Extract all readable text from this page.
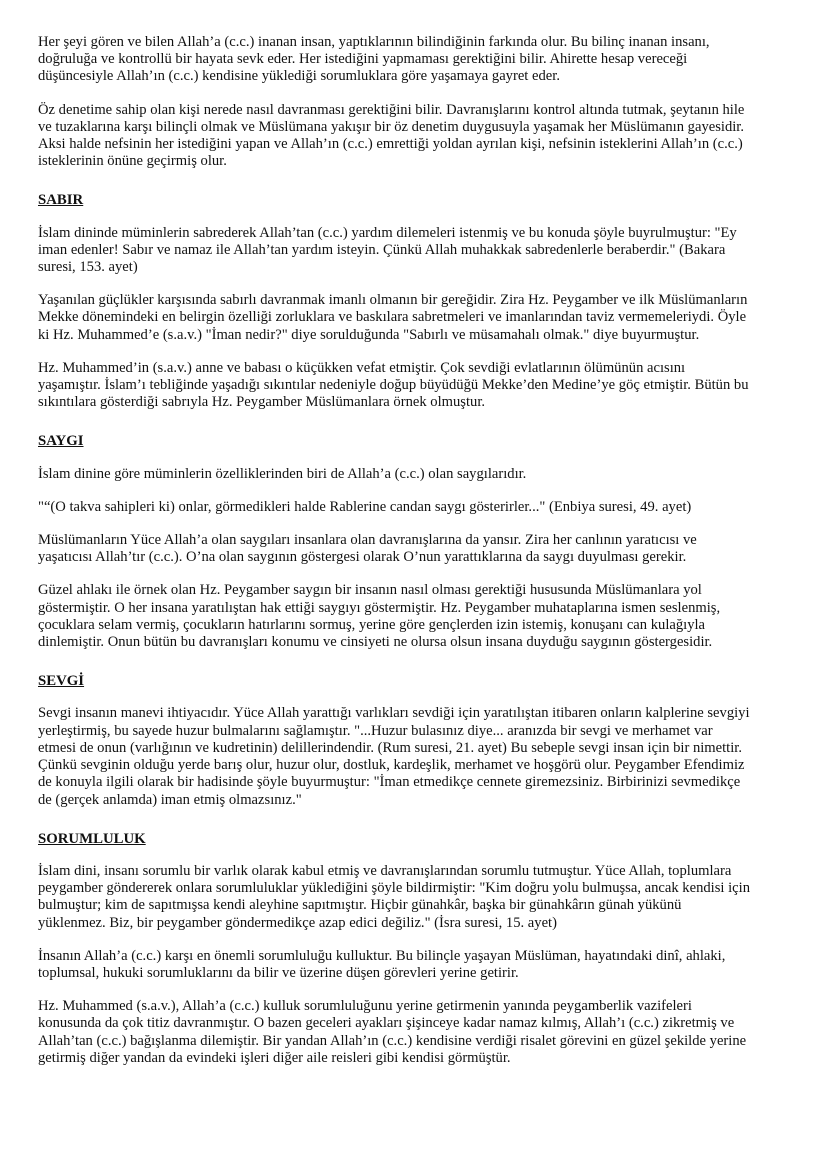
Her şeyi gören ve bilen Allah’a (c.c.) inanan insan, yaptıklarının bilindiğinin farkında olur. Bu bilinç inanan insanı,
doğruluğa ve kontrollü bir hayata sevk eder. Her istediğini yapmaması gerektiğini bilir. Ahirette hesap vereceği
düşüncesiyle Allah’ın (c.c.) kendisine yüklediği sorumluklara göre yaşamaya gayret eder.
Öz denetime sahip olan kişi nerede nasıl davranması gerektiğini bilir. Davranışlarını kontrol altında tutmak, şeytanın hile
ve tuzaklarına karşı bilinçli olmak ve Müslümana yakışır bir öz denetim duygusuyla yaşamak her Müslümanın gayesidir.
Aksi halde nefsinin her istediğini yapan ve Allah’ın (c.c.) emrettiği yoldan ayrılan kişi, nefsinin isteklerini Allah’ın (c.c.)
isteklerinin önüne geçirmiş olur.
SABIR
İslam dininde müminlerin sabrederek Allah’tan (c.c.) yardım dilemeleri istenmiş ve bu konuda şöyle buyrulmuştur: "Ey
iman edenler! Sabır ve namaz ile Allah’tan yardım isteyin. Çünkü Allah muhakkak sabredenlerle beraberdir." (Bakara
suresi, 153. ayet)
Yaşanılan güçlükler karşısında sabırlı davranmak imanlı olmanın bir gereğidir. Zira Hz. Peygamber ve ilk Müslümanların
Mekke dönemindeki en belirgin özelliği zorluklara ve baskılara sabretmeleri ve imanlarından taviz vermemeleriydi. Öyle
ki Hz. Muhammed’e (s.a.v.) "İman nedir?" diye sorulduğunda "Sabırlı ve müsamahalı olmak." diye buyurmuştur.
Hz. Muhammed’in (s.a.v.) anne ve babası o küçükken vefat etmiştir. Çok sevdiği evlatlarının ölümünün acısını
yaşamıştır. İslam’ı tebliğinde yaşadığı sıkıntılar nedeniyle doğup büyüdüğü Mekke’den Medine’ye göç etmiştir. Bütün bu
sıkıntılara gösterdiği sabrıyla Hz. Peygamber Müslümanlara örnek olmuştur.
SAYGI
İslam dinine göre müminlerin özelliklerinden biri de Allah’a (c.c.) olan saygılarıdır.
"“(O takva sahipleri ki) onlar, görmedikleri halde Rablerine candan saygı gösterirler..." (Enbiya suresi, 49. ayet)
Müslümanların Yüce Allah’a olan saygıları insanlara olan davranışlarına da yansır. Zira her canlının yaratıcısı ve
yaşatıcısı Allah’tır (c.c.). O’na olan saygının göstergesi olarak O’nun yarattıklarına da saygı duyulması gerekir.
Güzel ahlakı ile örnek olan Hz. Peygamber saygın bir insanın nasıl olması gerektiği hususunda Müslümanlara yol
göstermiştir. O her insana yaratılıştan hak ettiği saygıyı göstermiştir. Hz. Peygamber muhataplarına ismen seslenmiş,
çocuklara selam vermiş, çocukların hatırlarını sormuş, yerine göre gençlerden izin istemiş, konuşanı can kulağıyla
dinlemiştir. Onun bütün bu davranışları konumu ve cinsiyeti ne olursa olsun insana duyduğu saygının göstergesidir.
SEVGİ
Sevgi insanın manevi ihtiyacıdır. Yüce Allah yarattığı varlıkları sevdiği için yaratılıştan itibaren onların kalplerine sevgiyi
yerleştirmiş, bu sayede huzur bulmalarını sağlamıştır. "...Huzur bulasınız diye... aranızda bir sevgi ve merhamet var
etmesi de onun (varlığının ve kudretinin) delillerindendir. (Rum suresi, 21. ayet) Bu sebeple sevgi insan için bir nimettir.
Çünkü sevginin olduğu yerde barış olur, huzur olur, dostluk, kardeşlik, merhamet ve hoşgörü olur. Peygamber Efendimiz
de konuyla ilgili olarak bir hadisinde şöyle buyurmuştur: "İman etmedikçe cennete giremezsiniz. Birbirinizi sevmedikçe
de (gerçek anlamda) iman etmiş olmazsınız."
SORUMLULUK
İslam dini, insanı sorumlu bir varlık olarak kabul etmiş ve davranışlarından sorumlu tutmuştur. Yüce Allah, toplumlara
peygamber göndererek onlara sorumluluklar yüklediğini şöyle bildirmiştir: "Kim doğru yolu bulmuşsa, ancak kendisi için
bulmuştur; kim de sapıtmışsa kendi aleyhine sapıtmıştır. Hiçbir günahkâr, başka bir günahkârın günah yükünü
yüklenmez. Biz, bir peygamber göndermedikçe azap edici değiliz." (İsra suresi, 15. ayet)
İnsanın Allah’a (c.c.) karşı en önemli sorumluluğu kulluktur. Bu bilinçle yaşayan Müslüman, hayatındaki dinî, ahlaki,
toplumsal, hukuki sorumluklarını da bilir ve üzerine düşen görevleri yerine getirir.
Hz. Muhammed (s.a.v.), Allah’a (c.c.) kulluk sorumluluğunu yerine getirmenin yanında peygamberlik vazifeleri
konusunda da çok titiz davranmıştır. O bazen geceleri ayakları şişinceye kadar namaz kılmış, Allah’ı (c.c.) zikretmiş ve
Allah’tan (c.c.) bağışlanma dilemiştir. Bir yandan Allah’ın (c.c.) kendisine verdiği risalet görevini en güzel şekilde yerine
getirmiş diğer yandan da evindeki işleri diğer aile reisleri gibi kendisi görmüştür.
